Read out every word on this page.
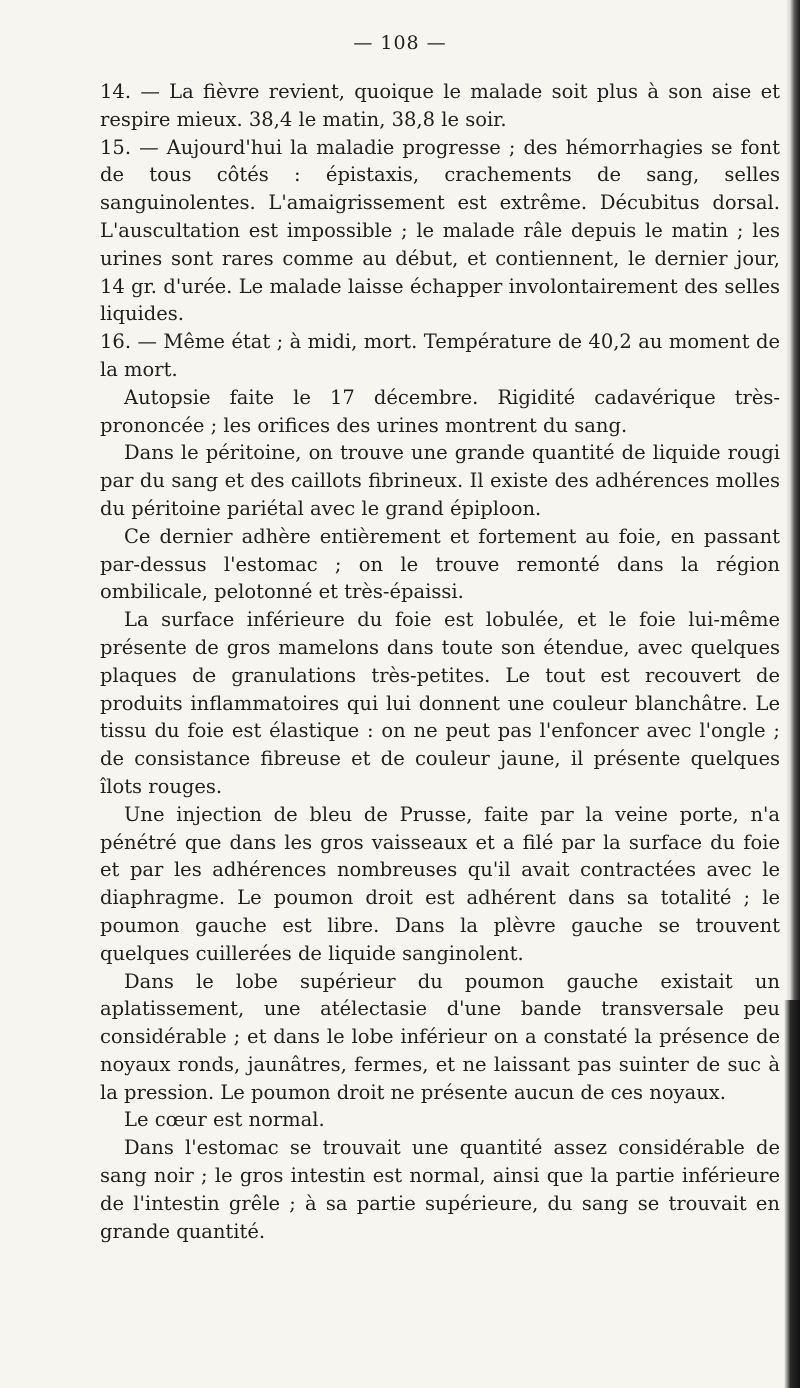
— 108 —

14. — La fièvre revient, quoique le malade soit plus à son aise et respire mieux. 38,4 le matin, 38,8 le soir.

15. — Aujourd'hui la maladie progresse ; des hémorrhagies se font de tous côtés : épistaxis, crachements de sang, selles sanguinolentes. L'amaigrissement est extrême. Décubitus dorsal. L'auscultation est impossible ; le malade râle depuis le matin ; les urines sont rares comme au début, et contiennent, le dernier jour, 14 gr. d'urée. Le malade laisse échapper involontairement des selles liquides.

16. — Même état ; à midi, mort. Température de 40,2 au moment de la mort.

Autopsie faite le 17 décembre. Rigidité cadavérique très-prononcée ; les orifices des urines montrent du sang.

Dans le péritoine, on trouve une grande quantité de liquide rougi par du sang et des caillots fibrineux. Il existe des adhérences molles du péritoine pariétal avec le grand épiploon.

Ce dernier adhère entièrement et fortement au foie, en passant par-dessus l'estomac ; on le trouve remonté dans la région ombilicale, pelotonné et très-épaissi.

La surface inférieure du foie est lobulée, et le foie lui-même présente de gros mamelons dans toute son étendue, avec quelques plaques de granulations très-petites. Le tout est recouvert de produits inflammatoires qui lui donnent une couleur blanchâtre. Le tissu du foie est élastique : on ne peut pas l'enfoncer avec l'ongle ; de consistance fibreuse et de couleur jaune, il présente quelques îlots rouges.

Une injection de bleu de Prusse, faite par la veine porte, n'a pénétré que dans les gros vaisseaux et a filé par la surface du foie et par les adhérences nombreuses qu'il avait contractées avec le diaphragme. Le poumon droit est adhérent dans sa totalité ; le poumon gauche est libre. Dans la plèvre gauche se trouvent quelques cuillerées de liquide sanginolent.

Dans le lobe supérieur du poumon gauche existait un aplatissement, une atélectasie d'une bande transversale peu considérable ; et dans le lobe inférieur on a constaté la présence de noyaux ronds, jaunâtres, fermes, et ne laissant pas suinter de suc à la pression. Le poumon droit ne présente aucun de ces noyaux.

Le cœur est normal.

Dans l'estomac se trouvait une quantité assez considérable de sang noir ; le gros intestin est normal, ainsi que la partie inférieure de l'intestin grêle ; à sa partie supérieure, du sang se trouvait en grande quantité.
